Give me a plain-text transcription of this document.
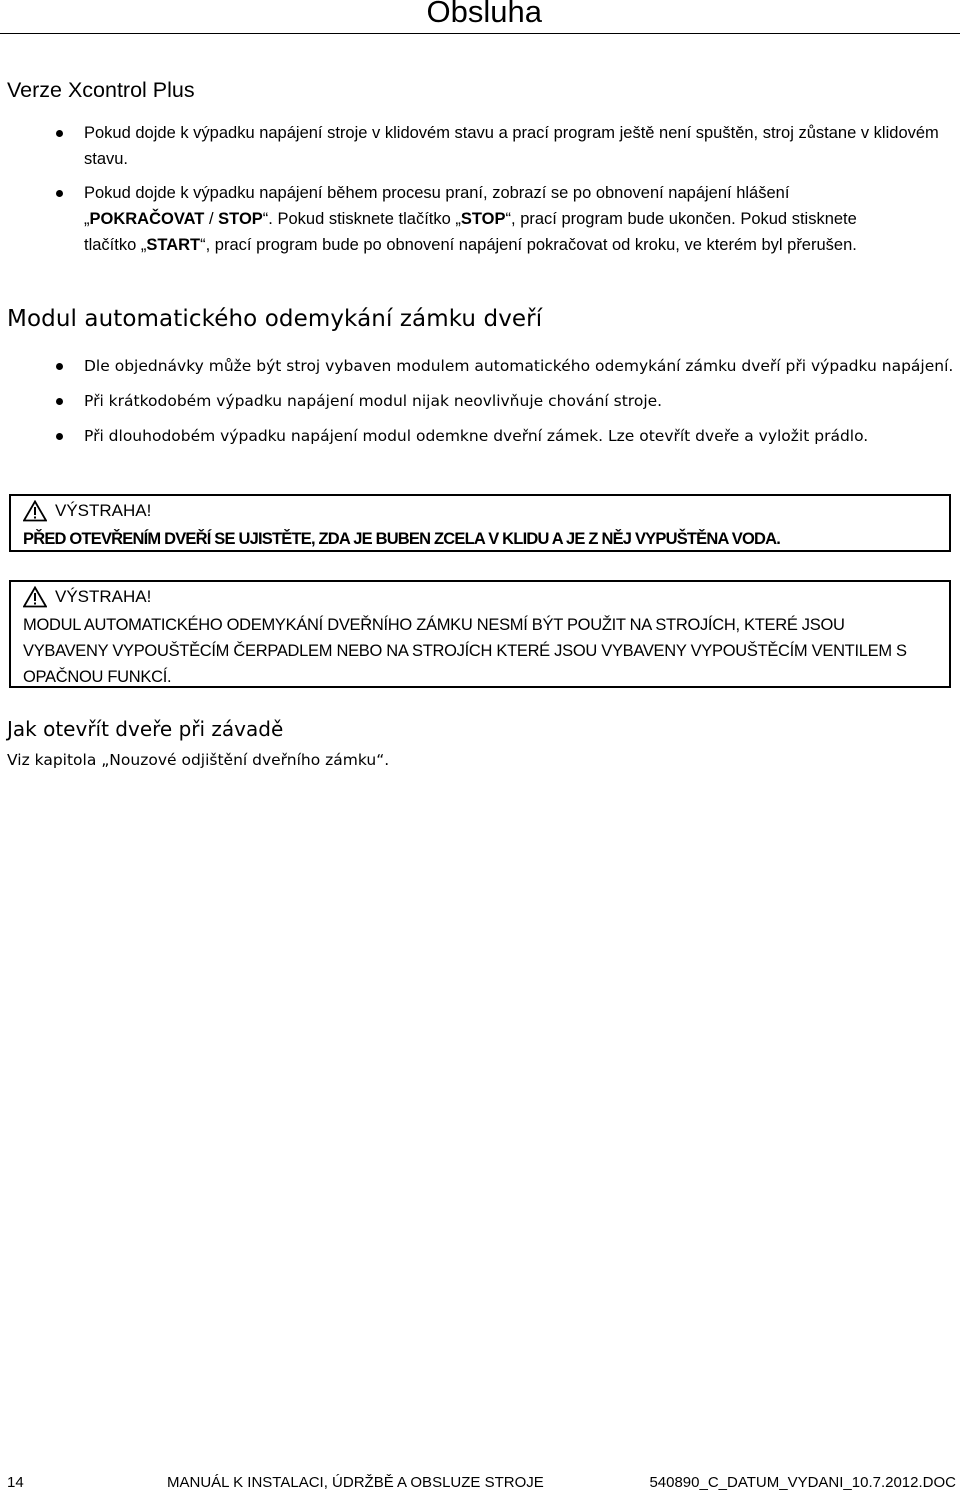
Obsluha
Verze Xcontrol Plus
Pokud dojde k výpadku napájení stroje v klidovém stavu a prací program ještě není spuštěn, stroj zůstane v klidovém stavu.
Pokud dojde k výpadku napájení během procesu praní, zobrazí se po obnovení napájení hlášení „POKRAČOVAT / STOP“. Pokud stisknete tlačítko „STOP“, prací program bude ukončen. Pokud stisknete tlačítko „START“, prací program bude po obnovení napájení pokračovat od kroku, ve kterém byl přerušen.
Modul automatického odemykání zámku dveří
Dle objednávky může být stroj vybaven modulem automatického odemykání zámku dveří při výpadku napájení.
Při krátkodobém výpadku napájení modul nijak neovlivňuje chování stroje.
Při dlouhodobém výpadku napájení modul odemkne dveřní zámek. Lze otevřít dveře a vyložit prádlo.
VÝSTRAHA!
PŘED OTEVŘENÍM DVEŘÍ SE UJISTĚTE, ZDA JE BUBEN ZCELA V KLIDU A JE Z NĚJ VYPUŠTĚNA VODA.
VÝSTRAHA!
MODUL AUTOMATICKÉHO ODEMYKÁNÍ DVEŘNÍHO ZÁMKU NESMÍ BÝT POUŽIT NA STROJÍCH, KTERÉ JSOU VYBAVENY VYPOUŠTĚCÍM ČERPADLEM NEBO NA STROJÍCH KTERÉ JSOU VYBAVENY VYPOUŠTĚCÍM VENTILEM S OPAČNOU FUNKCÍ.
Jak otevřít dveře při závadě

Viz kapitola „Nouzové odjištění dveřního zámku“.

14	MANUÁL K INSTALACI, ÚDRŽBĚ A OBSLUZE STROJE	540890_C_DATUM_VYDANI_10.7.2012.DOC
